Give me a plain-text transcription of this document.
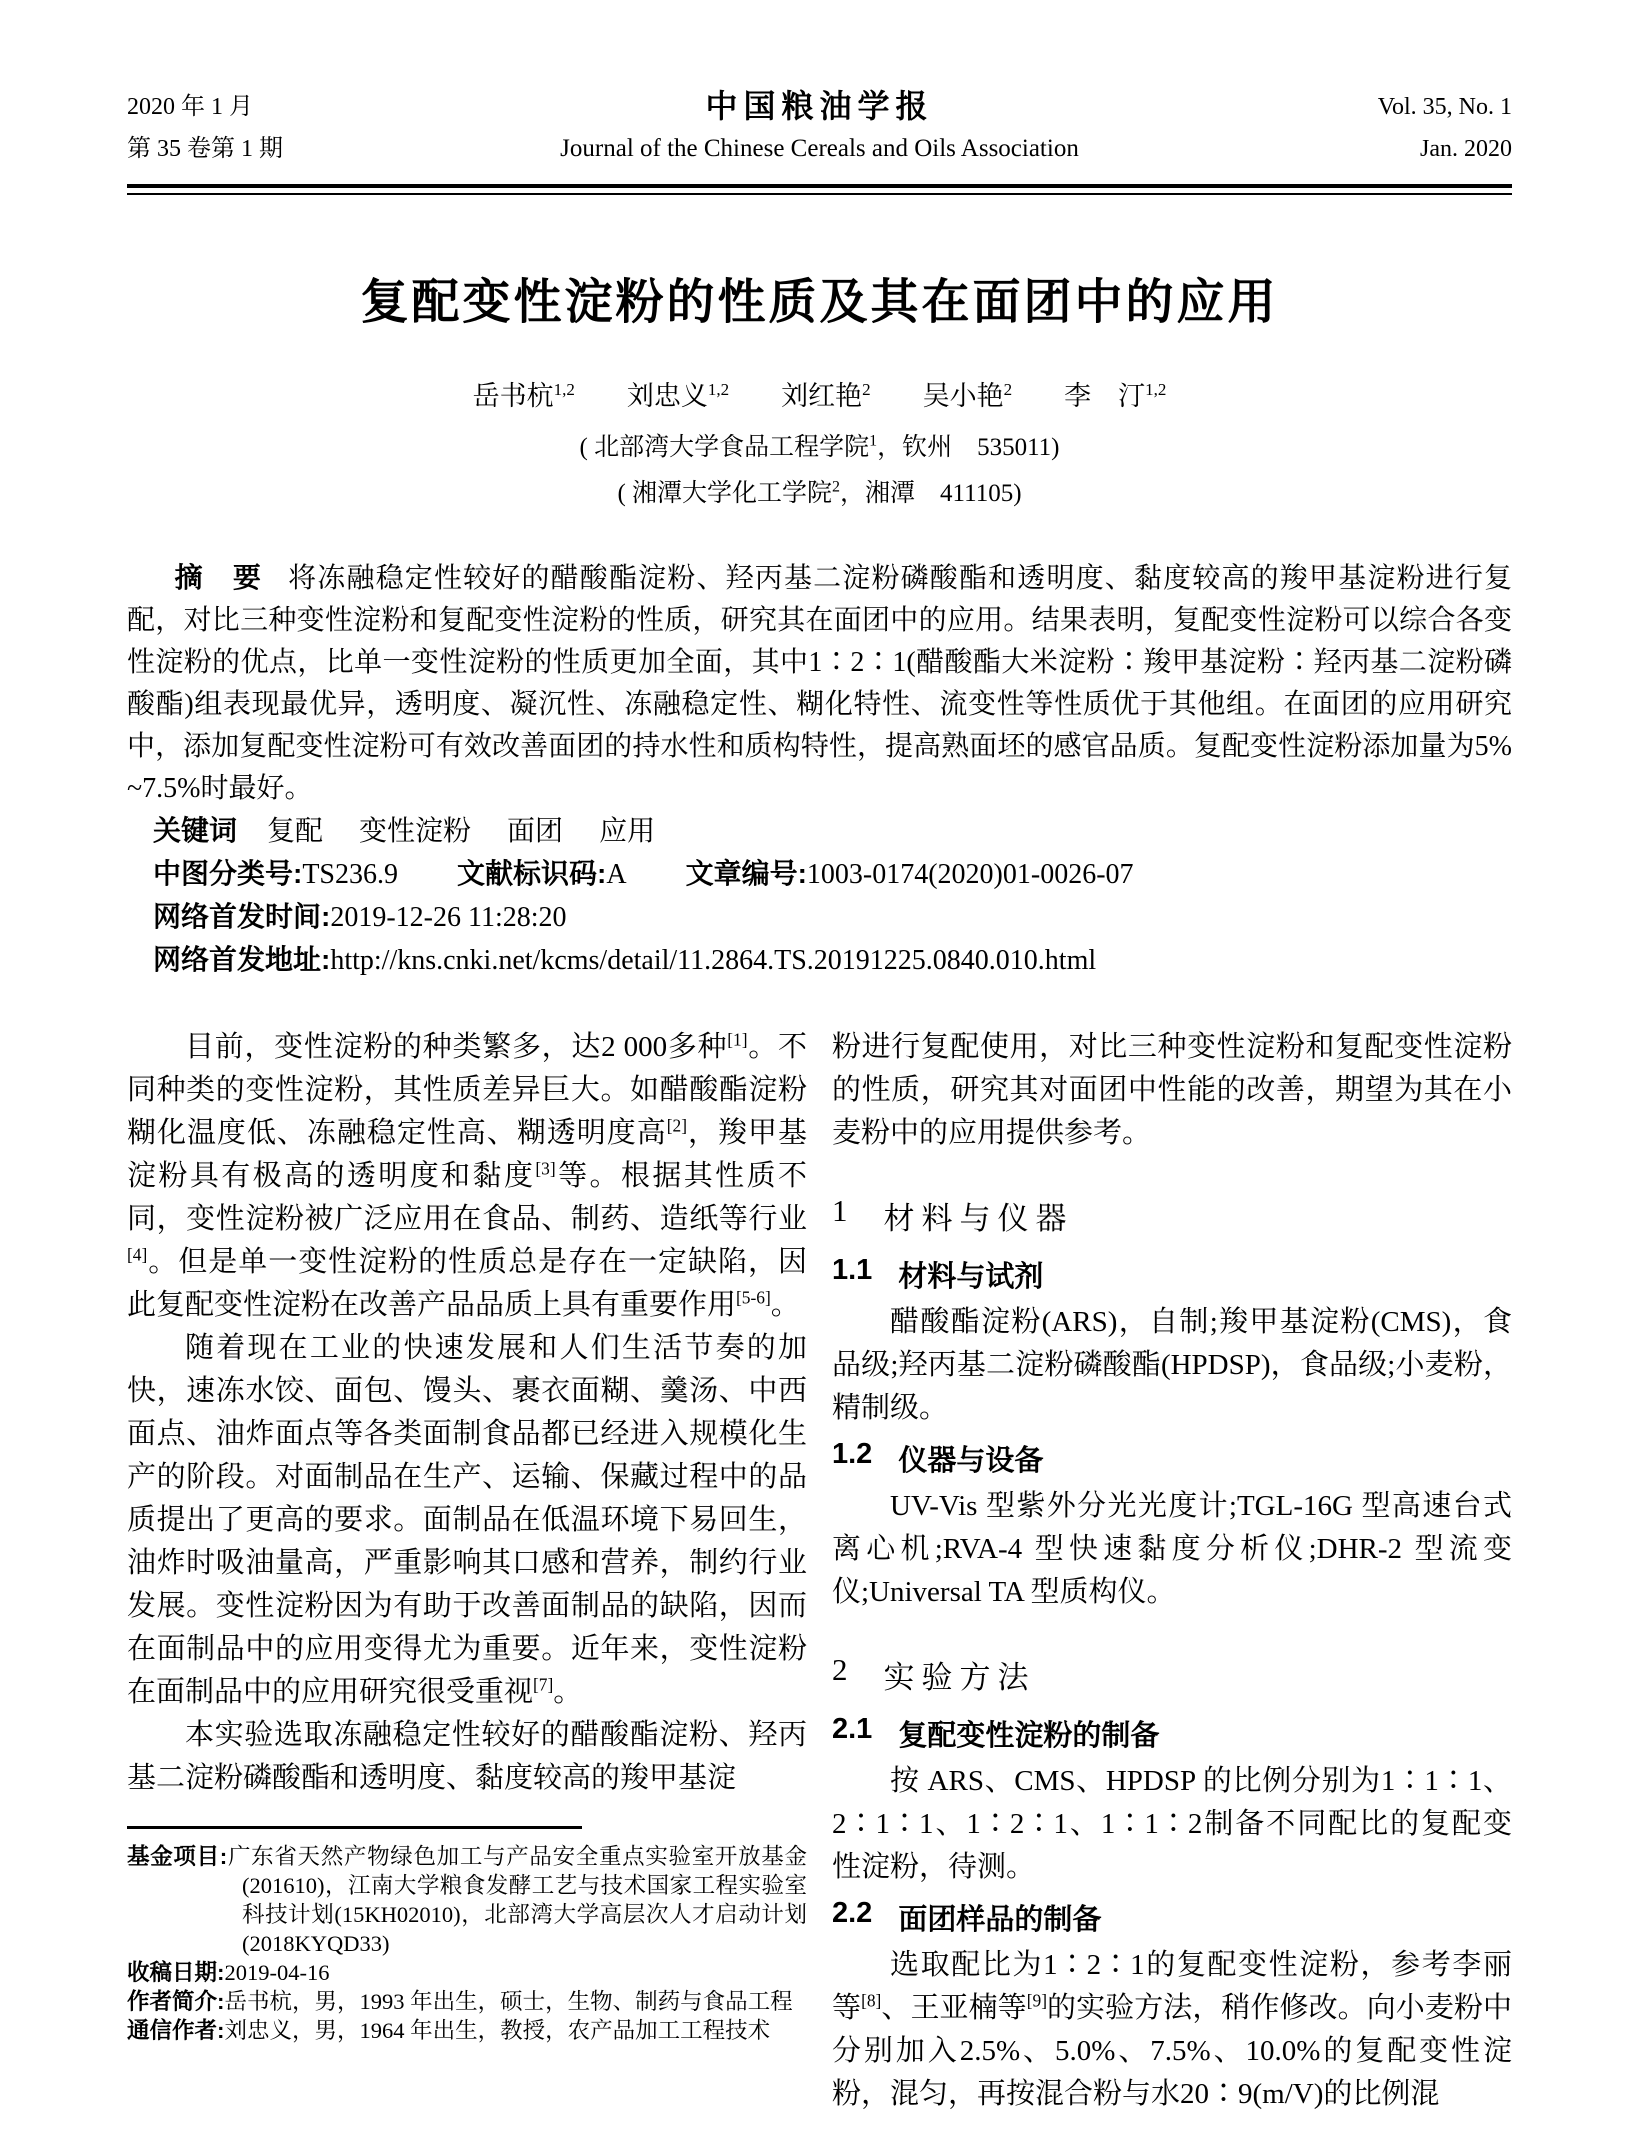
2020 年 1 月
第 35 卷第 1 期
中国粮油学报
Journal of the Chinese Cereals and Oils Association
Vol. 35, No. 1
Jan. 2020
复配变性淀粉的性质及其在面团中的应用
岳书杭$^{1,2}$ 刘忠义$^{1,2}$ 刘红艳$^2$ 吴小艳$^2$ 李　汀$^{1,2}$
( 北部湾大学食品工程学院$^1$，钦州　535011)
( 湘潭大学化工学院$^2$，湘潭　411105)

摘　要 将冻融稳定性较好的醋酸酯淀粉、羟丙基二淀粉磷酸酯和透明度、黏度较高的羧甲基淀粉进行复配，对比三种变性淀粉和复配变性淀粉的性质，研究其在面团中的应用。结果表明，复配变性淀粉可以综合各变性淀粉的优点，比单一变性淀粉的性质更加全面，其中1∶2∶1(醋酸酯大米淀粉∶羧甲基淀粉∶羟丙基二淀粉磷酸酯)组表现最优异，透明度、凝沉性、冻融稳定性、糊化特性、流变性等性质优于其他组。在面团的应用研究中，添加复配变性淀粉可有效改善面团的持水性和质构特性，提高熟面坯的感官品质。复配变性淀粉添加量为5% ~7.5%时最好。

关键词 复配 变性淀粉 面团 应用

中图分类号:TS236.9 文献标识码:A 文章编号:1003-0174(2020)01-0026-07

网络首发时间:2019-12-26 11:28:20

网络首发地址:http://kns.cnki.net/kcms/detail/11.2864.TS.20191225.0840.010.html

目前，变性淀粉的种类繁多，达2 000多种[1]。不同种类的变性淀粉，其性质差异巨大。如醋酸酯淀粉糊化温度低、冻融稳定性高、糊透明度高[2]，羧甲基淀粉具有极高的透明度和黏度[3]等。根据其性质不同，变性淀粉被广泛应用在食品、制药、造纸等行业[4]。但是单一变性淀粉的性质总是存在一定缺陷，因此复配变性淀粉在改善产品品质上具有重要作用[5-6]。

随着现在工业的快速发展和人们生活节奏的加快，速冻水饺、面包、馒头、裹衣面糊、羹汤、中西面点、油炸面点等各类面制食品都已经进入规模化生产的阶段。对面制品在生产、运输、保藏过程中的品质提出了更高的要求。面制品在低温环境下易回生，油炸时吸油量高，严重影响其口感和营养，制约行业发展。变性淀粉因为有助于改善面制品的缺陷，因而在面制品中的应用变得尤为重要。近年来，变性淀粉在面制品中的应用研究很受重视[7]。

本实验选取冻融稳定性较好的醋酸酯淀粉、羟丙基二淀粉磷酸酯和透明度、黏度较高的羧甲基淀

基金项目:广东省天然产物绿色加工与产品安全重点实验室开放基金(201610)，江南大学粮食发酵工艺与技术国家工程实验室科技计划(15KH02010)，北部湾大学高层次人才启动计划(2018KYQD33)

收稿日期:2019-04-16

作者简介:岳书杭，男，1993 年出生，硕士，生物、制药与食品工程

通信作者:刘忠义，男，1964 年出生，教授，农产品加工工程技术

粉进行复配使用，对比三种变性淀粉和复配变性淀粉的性质，研究其对面团中性能的改善，期望为其在小麦粉中的应用提供参考。

1 材料与仪器
1.1 材料与试剂

醋酸酯淀粉(ARS)，自制;羧甲基淀粉(CMS)，食品级;羟丙基二淀粉磷酸酯(HPDSP)，食品级;小麦粉，精制级。

1.2 仪器与设备

UV-Vis 型紫外分光光度计;TGL-16G 型高速台式离心机;RVA-4 型快速黏度分析仪;DHR-2 型流变仪;Universal TA 型质构仪。

2 实验方法
2.1 复配变性淀粉的制备

按 ARS、CMS、HPDSP 的比例分别为1∶1∶1、2∶1∶1、1∶2∶1、1∶1∶2制备不同配比的复配变性淀粉，待测。

2.2 面团样品的制备

选取配比为1∶2∶1的复配变性淀粉，参考李丽等[8]、王亚楠等[9]的实验方法，稍作修改。向小麦粉中分别加入2.5%、5.0%、7.5%、10.0%的复配变性淀粉，混匀，再按混合粉与水20∶9(m/V)的比例混
